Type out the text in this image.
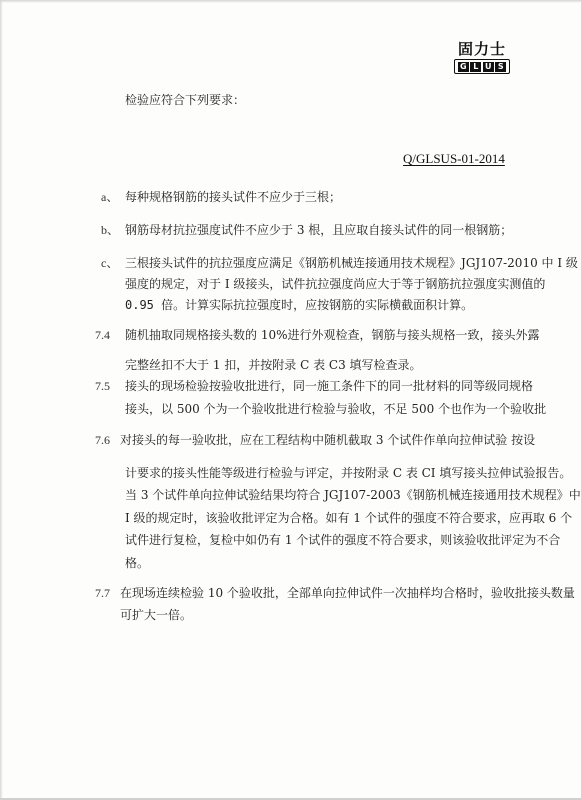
固力士
G L U S
检验应符合下列要求：
Q/GLSUS-01-2014
a、 每种规格钢筋的接头试件不应少于三根；
b、 钢筋母材抗拉强度试件不应少于 3 根，且应取自接头试件的同一根钢筋；
c、 三根接头试件的抗拉强度应满足《钢筋机械连接通用技术规程》JGJ107-2010 中 I 级
强度的规定，对于 I 级接头，试件抗拉强度尚应大于等于钢筋抗拉强度实测值的
0.95 倍。计算实际抗拉强度时，应按钢筋的实际横截面积计算。
7.4 随机抽取同规格接头数的 10%进行外观检查，钢筋与接头规格一致，接头外露
完整丝扣不大于 1 扣，并按附录 C 表 C3 填写检查录。
7.5 接头的现场检验按验收批进行，同一施工条件下的同一批材料的同等级同规格
接头，以 500 个为一个验收批进行检验与验收，不足 500 个也作为一个验收批
7.6 对接头的每一验收批，应在工程结构中随机截取 3 个试件作单向拉伸试验 按设
计要求的接头性能等级进行检验与评定，并按附录 C 表 CI 填写接头拉伸试验报告。
当 3 个试件单向拉伸试验结果均符合 JGJ107-2003《钢筋机械连接通用技术规程》中
I 级的规定时，该验收批评定为合格。如有 1 个试件的强度不符合要求，应再取 6 个
试件进行复检，复检中如仍有 1 个试件的强度不符合要求，则该验收批评定为不合
格。
7.7 在现场连续检验 10 个验收批，全部单向拉伸试件一次抽样均合格时，验收批接头数量
可扩大一倍。
